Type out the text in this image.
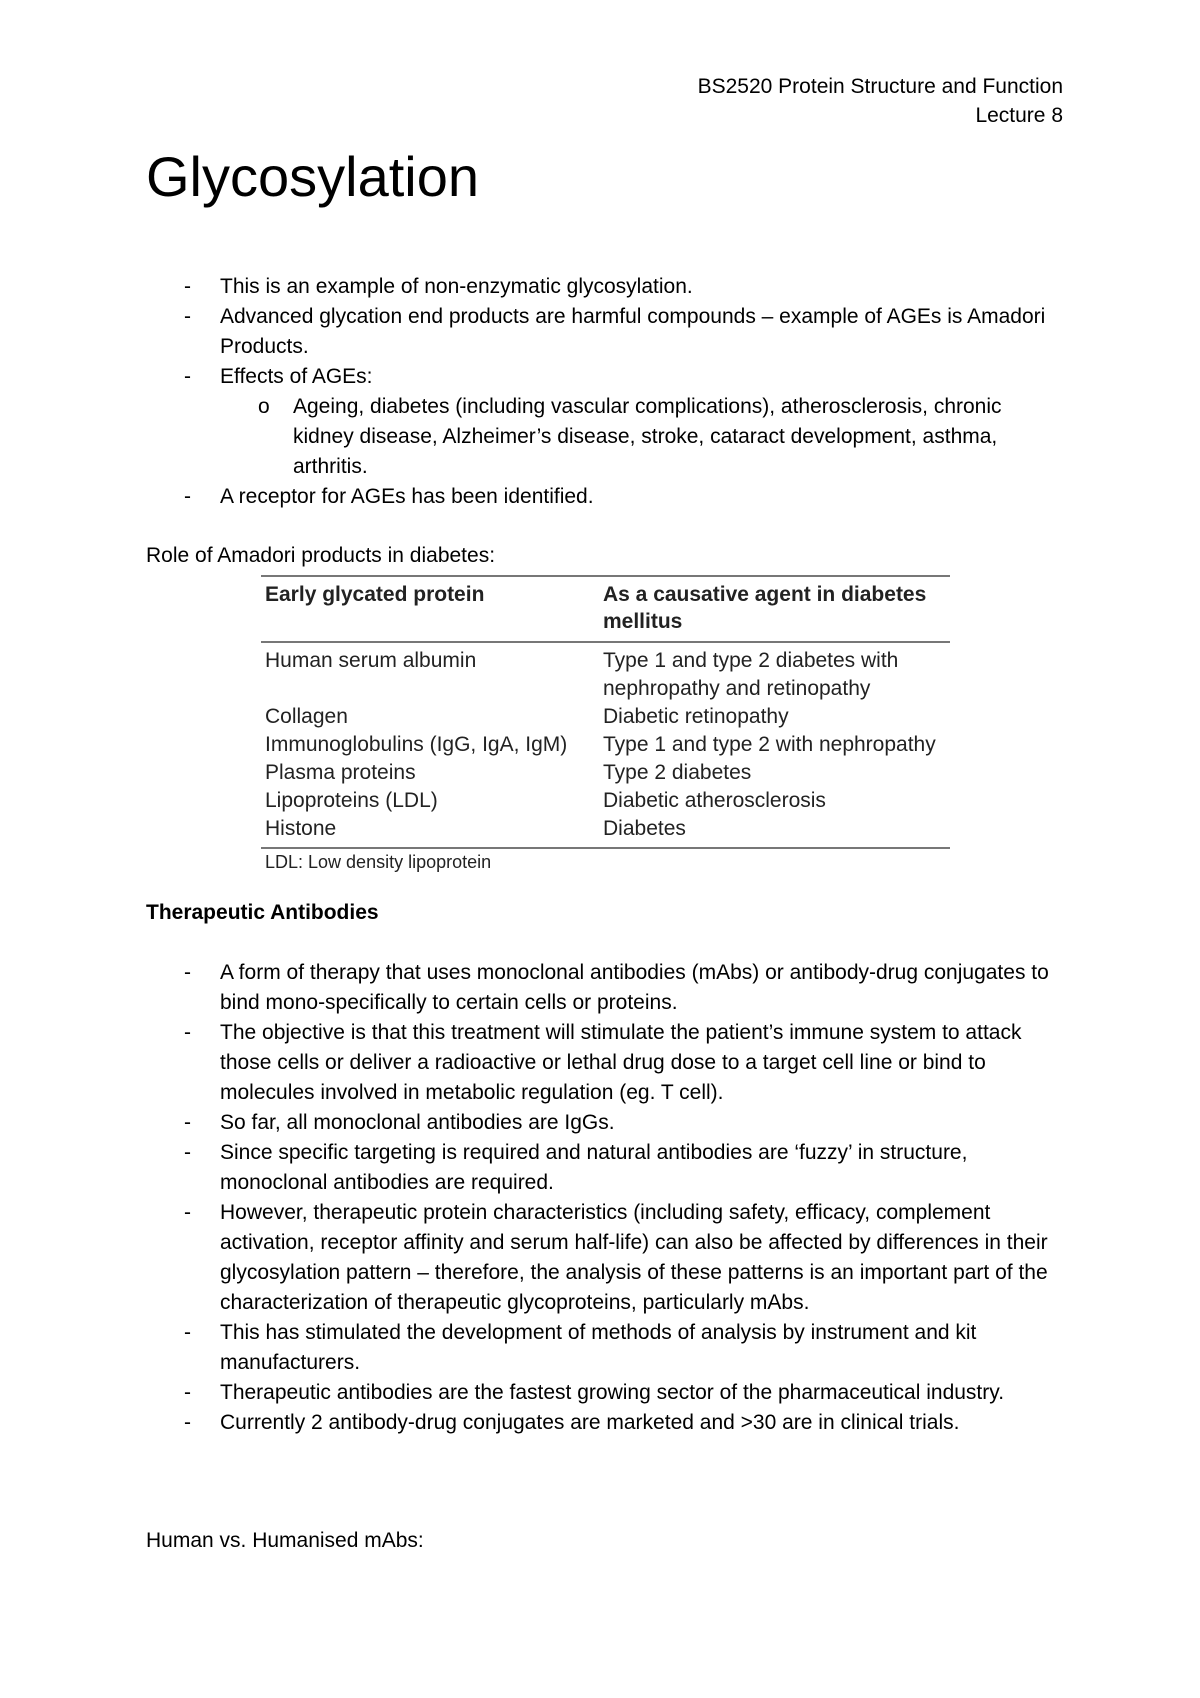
BS2520 Protein Structure and Function
Lecture 8
Glycosylation
- This is an example of non-enzymatic glycosylation.
- Advanced glycation end products are harmful compounds – example of AGEs is Amadori Products.
- Effects of AGEs:
o Ageing, diabetes (including vascular complications), atherosclerosis, chronic kidney disease, Alzheimer’s disease, stroke, cataract development, asthma, arthritis.
- A receptor for AGEs has been identified.

Role of Amadori products in diabetes:

Early glycated protein	As a causative agent in diabetes mellitus
Human serum albumin	Type 1 and type 2 diabetes with nephropathy and retinopathy
Collagen	Diabetic retinopathy
Immunoglobulins (IgG, IgA, IgM)	Type 1 and type 2 with nephropathy
Plasma proteins	Type 2 diabetes
Lipoproteins (LDL)	Diabetic atherosclerosis
Histone	Diabetes
LDL: Low density lipoprotein

Therapeutic Antibodies

- A form of therapy that uses monoclonal antibodies (mAbs) or antibody-drug conjugates to bind mono-specifically to certain cells or proteins.
- The objective is that this treatment will stimulate the patient’s immune system to attack those cells or deliver a radioactive or lethal drug dose to a target cell line or bind to molecules involved in metabolic regulation (eg. T cell).
- So far, all monoclonal antibodies are IgGs.
- Since specific targeting is required and natural antibodies are ‘fuzzy’ in structure, monoclonal antibodies are required.
- However, therapeutic protein characteristics (including safety, efficacy, complement activation, receptor affinity and serum half-life) can also be affected by differences in their glycosylation pattern – therefore, the analysis of these patterns is an important part of the characterization of therapeutic glycoproteins, particularly mAbs.
- This has stimulated the development of methods of analysis by instrument and kit manufacturers.
- Therapeutic antibodies are the fastest growing sector of the pharmaceutical industry.
- Currently 2 antibody-drug conjugates are marketed and >30 are in clinical trials.

Human vs. Humanised mAbs:
